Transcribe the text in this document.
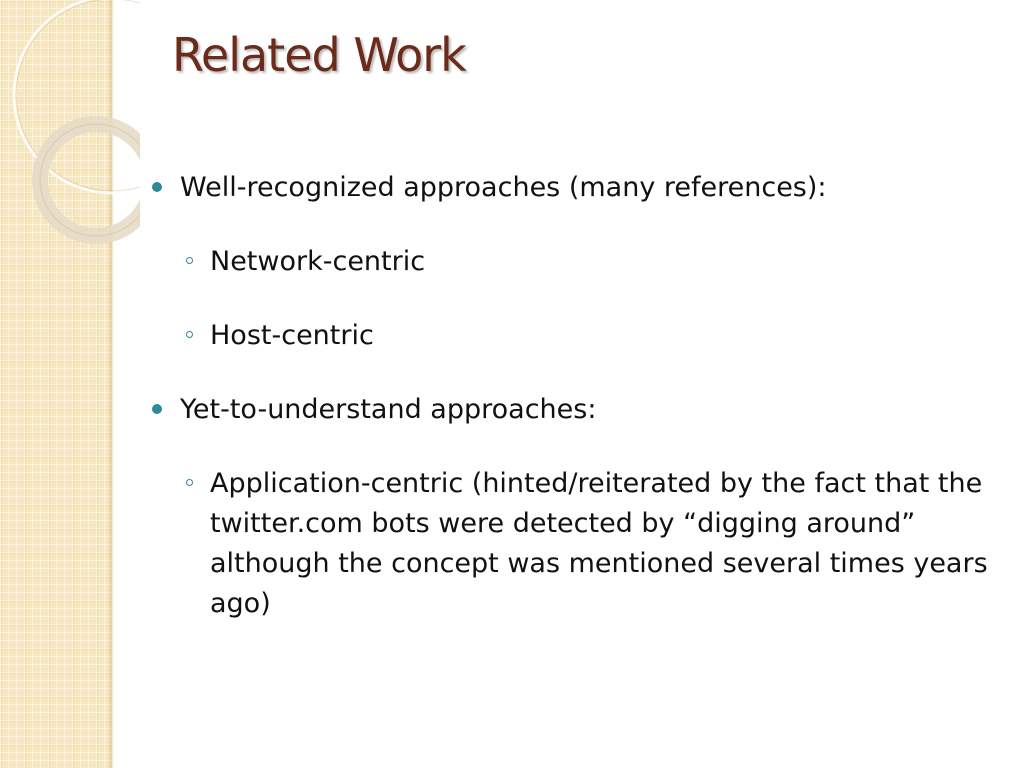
Related Work
Well-recognized approaches (many references):
Network-centric
Host-centric
Yet-to-understand approaches:
Application-centric (hinted/reiterated by the fact that the twitter.com bots were detected by “digging around” although the concept was mentioned several times years ago)
